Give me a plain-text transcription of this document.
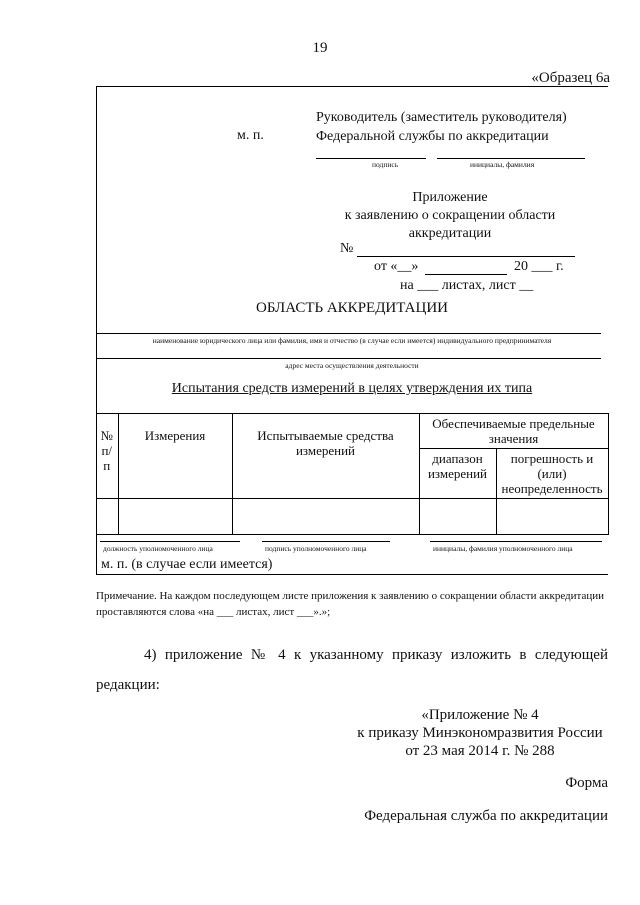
19
«Образец 6а
м. п.
Руководитель (заместитель руководителя)
Федеральной службы по аккредитации
подпись	инициалы, фамилия
Приложение
к заявлению о сокращении области
аккредитации
№
от «__»	20 ___ г.
на ___ листах, лист __
ОБЛАСТЬ АККРЕДИТАЦИИ
наименование юридического лица или фамилия, имя и отчество (в случае если имеется) индивидуального предпринимателя
адрес места осуществления деятельности
Испытания средств измерений в целях утверждения их типа
№ п/п	Измерения	Испытываемые средства измерений	Обеспечиваемые предельные значения	
			диапазон измерений	погрешность и (или) неопределенность

должность уполномоченного лица	подпись уполномоченного лица	инициалы, фамилия уполномоченного лица
м. п. (в случае если имеется)
Примечание. На каждом последующем листе приложения к заявлению о сокращении области аккредитации проставляются слова «на ___ листах, лист ___».»;
4) приложение № 4 к указанному приказу изложить в следующей редакции:
«Приложение № 4
к приказу Минэкономразвития России
от 23 мая 2014 г. № 288
Форма
Федеральная служба по аккредитации
